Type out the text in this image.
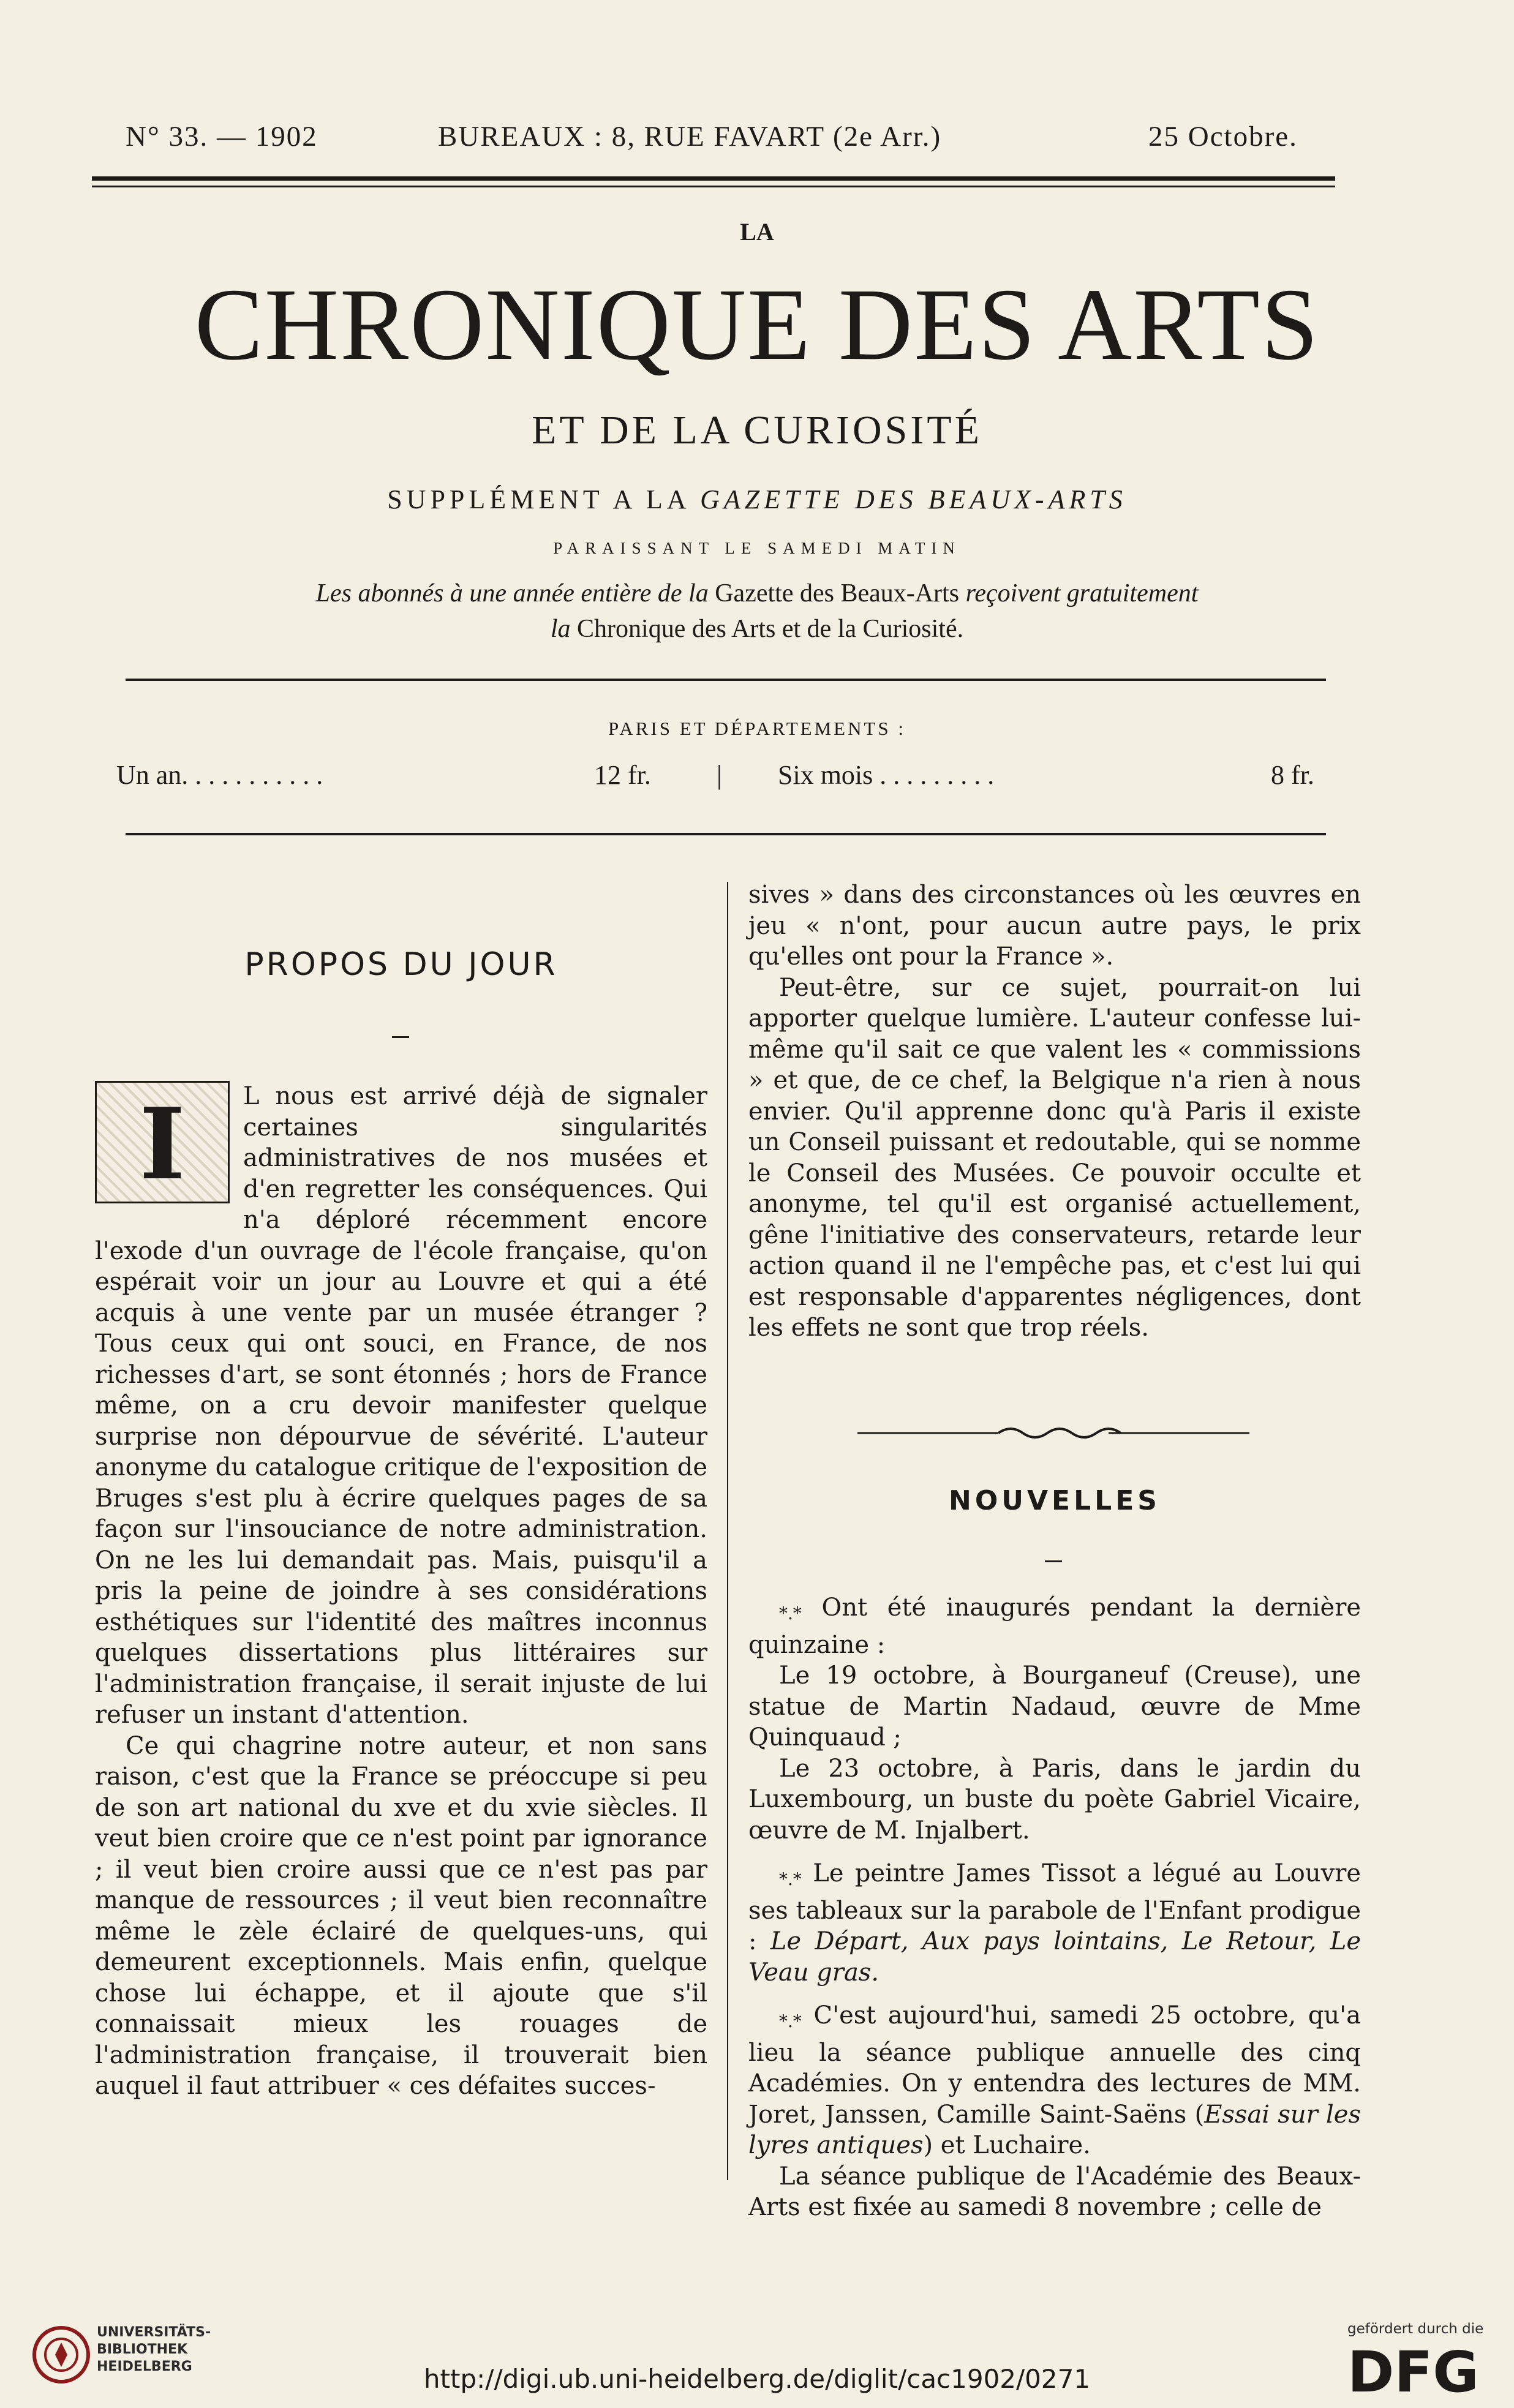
N° 33. — 1902	BUREAUX : 8, RUE FAVART (2e Arr.)	25 Octobre.
LA
CHRONIQUE DES ARTS
ET DE LA CURIOSITÉ
SUPPLÉMENT A LA GAZETTE DES BEAUX-ARTS
PARAISSANT LE SAMEDI MATIN
Les abonnés à une année entière de la Gazette des Beaux-Arts reçoivent gratuitement
la Chronique des Arts et de la Curiosité.
PARIS ET DÉPARTEMENTS :
Un an. . . . . . . . . . .	12 fr. | Six mois . . . . . . . . .	8 fr.
PROPOS DU JOUR
I	L nous est arrivé déjà de signaler certaines singularités administratives de nos musées et d'en regretter les conséquences. Qui n'a déploré récemment encore l'exode d'un ouvrage de l'école française, qu'on espérait voir un jour au Louvre et qui a été acquis à une vente par un musée étranger ? Tous ceux qui ont souci, en France, de nos richesses d'art, se sont étonnés ; hors de France même, on a cru devoir manifester quelque surprise non dépourvue de sévérité. L'auteur anonyme du catalogue critique de l'exposition de Bruges s'est plu à écrire quelques pages de sa façon sur l'insouciance de notre administration. On ne les lui demandait pas. Mais, puisqu'il a pris la peine de joindre à ses considérations esthétiques sur l'identité des maîtres inconnus quelques dissertations plus littéraires sur l'administration française, il serait injuste de lui refuser un instant d'attention.

Ce qui chagrine notre auteur, et non sans raison, c'est que la France se préoccupe si peu de son art national du xve et du xvie siècles. Il veut bien croire que ce n'est point par ignorance ; il veut bien croire aussi que ce n'est pas par manque de ressources ; il veut bien reconnaître même le zèle éclairé de quelques-uns, qui demeurent exceptionnels. Mais enfin, quelque chose lui échappe, et il ajoute que s'il connaissait mieux les rouages de l'administration française, il trouverait bien auquel il faut attribuer « ces défaites succes-

sives » dans des circonstances où les œuvres en jeu « n'ont, pour aucun autre pays, le prix qu'elles ont pour la France ».

Peut-être, sur ce sujet, pourrait-on lui apporter quelque lumière. L'auteur confesse lui-même qu'il sait ce que valent les « commissions » et que, de ce chef, la Belgique n'a rien à nous envier. Qu'il apprenne donc qu'à Paris il existe un Conseil puissant et redoutable, qui se nomme le Conseil des Musées. Ce pouvoir occulte et anonyme, tel qu'il est organisé actuellement, gêne l'initiative des conservateurs, retarde leur action quand il ne l'empêche pas, et c'est lui qui est responsable d'apparentes négligences, dont les effets ne sont que trop réels.

NOUVELLES

*.* Ont été inaugurés pendant la dernière quinzaine :

Le 19 octobre, à Bourganeuf (Creuse), une statue de Martin Nadaud, œuvre de Mme Quinquaud ;

Le 23 octobre, à Paris, dans le jardin du Luxembourg, un buste du poète Gabriel Vicaire, œuvre de M. Injalbert.

*.* Le peintre James Tissot a légué au Louvre ses tableaux sur la parabole de l'Enfant prodigue : Le Départ, Aux pays lointains, Le Retour, Le Veau gras.

*.* C'est aujourd'hui, samedi 25 octobre, qu'a lieu la séance publique annuelle des cinq Académies. On y entendra des lectures de MM. Joret, Janssen, Camille Saint-Saëns (Essai sur les lyres antiques) et Luchaire.

La séance publique de l'Académie des Beaux-Arts est fixée au samedi 8 novembre ; celle de

UNIVERSITÄTS-
BIBLIOTHEK
HEIDELBERG	http://digi.ub.uni-heidelberg.de/diglit/cac1902/0271
gefördert durch die
DFG
